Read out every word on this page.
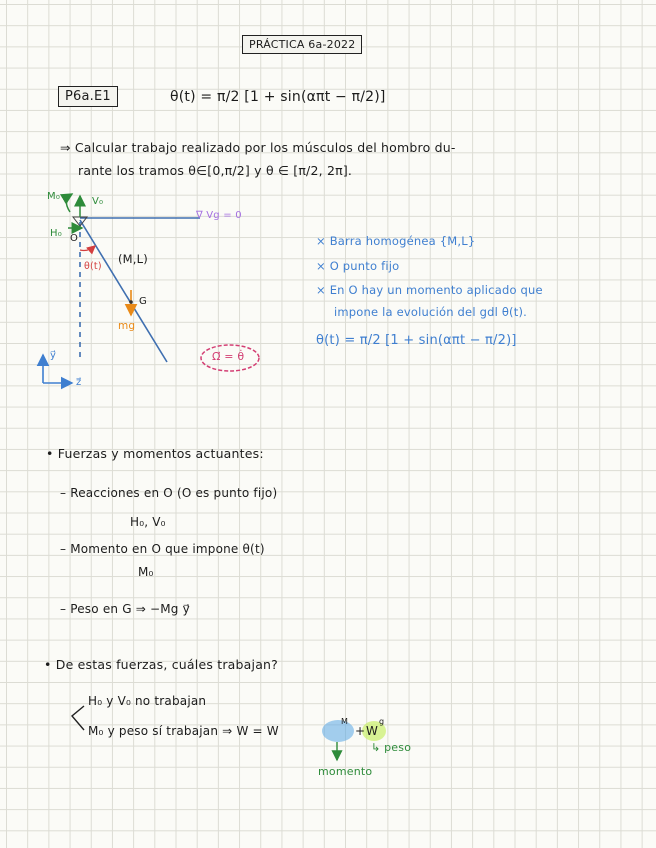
PRÁCTICA 6a-2022
P6a.E1	θ(t) = π/2 [1 + sin(απt − π/2)]
⇒ Calcular trabajo realizado por los músculos del hombro du-
rante los tramos θ∈[0,π/2] y θ ∈ [π/2, 2π].
M₀	V₀
H₀ O
θ(t)
(M,L)
G
mg
∇ Vg = 0
y⃗
z⃗
Ω⃗ = θ̇
× Barra homogénea {M,L}
× O punto fijo
× En O hay un momento aplicado que
impone la evolución del gdl θ(t).
θ(t) = π/2 [1 + sin(απt − π/2)]
• Fuerzas y momentos actuantes:
– Reacciones en O (O es punto fijo)
H₀, V₀
– Momento en O que impone θ(t)
M₀
– Peso en G ⇒ −Mg y⃗
• De estas fuerzas, cuáles trabajan?
H₀ y V₀ no trabajan
M₀ y peso sí trabajan ⇒ W = W
M
+ W
g
↳ peso
momento
